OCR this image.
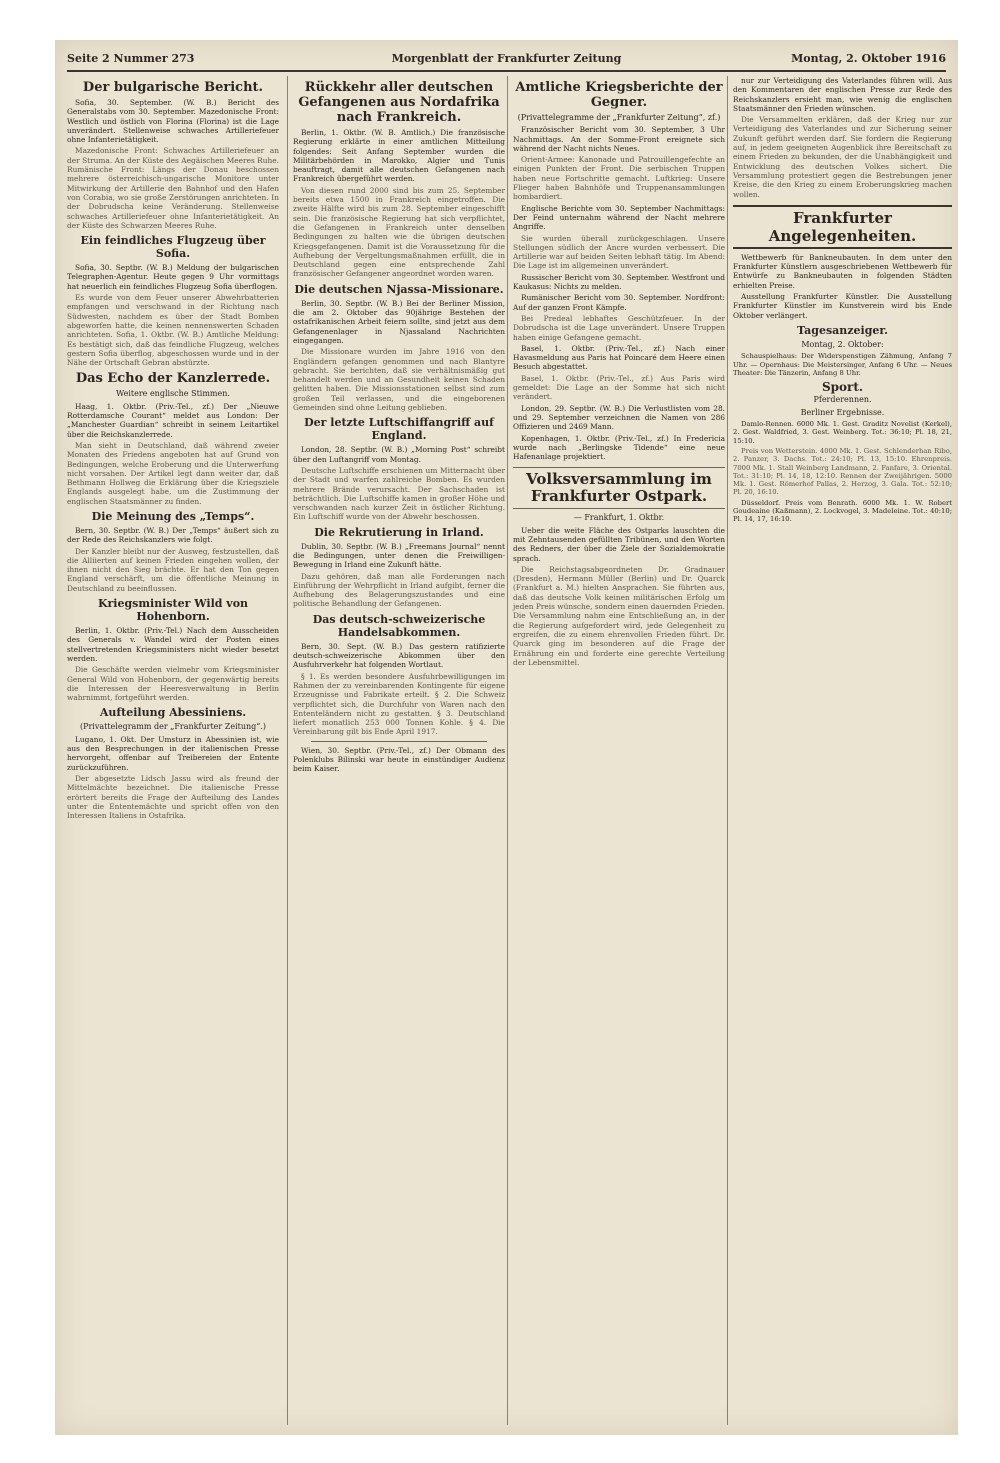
Seite 2 Nummer 273	Morgenblatt der Frankfurter Zeitung	Montag, 2. Oktober 1916
Der bulgarische Bericht.

Sofia, 30. September. (W. B.) Bericht des Generalstabs vom 30. September. Mazedonische Front: Westlich und östlich von Florina (Florina) ist die Lage unverändert. Stellenweise schwaches Artilleriefeuer ohne Infanterietätigkeit.

Mazedonische Front: Schwaches Artilleriefeuer an der Struma. An der Küste des Aegäischen Meeres Ruhe. Rumänische Front: Längs der Donau beschossen mehrere österreichisch-ungarische Monitore unter Mitwirkung der Artillerie den Bahnhof und den Hafen von Corabia, wo sie große Zerstörungen anrichteten. In der Dobrudscha keine Veränderung. Stellenweise schwaches Artilleriefeuer ohne Infanterietätigkeit. An der Küste des Schwarzen Meeres Ruhe.

Ein feindliches Flugzeug über Sofia.

Sofia, 30. Septbr. (W. B.) Meldung der bulgarischen Telegraphen-Agentur. Heute gegen 9 Uhr vormittags hat neuerlich ein feindliches Flugzeug Sofia überflogen.

Es wurde von dem Feuer unserer Abwehrbatterien empfangen und verschwand in der Richtung nach Südwesten, nachdem es über der Stadt Bomben abgeworfen hatte, die keinen nennenswerten Schaden anrichteten. Sofia, 1. Oktbr. (W. B.) Amtliche Meldung: Es bestätigt sich, daß das feindliche Flugzeug, welches gestern Sofia überflog, abgeschossen wurde und in der Nähe der Ortschaft Gebran abstürzte.

Das Echo der Kanzlerrede.
Weitere englische Stimmen.

Haag, 1. Oktbr. (Priv.-Tel., zf.) Der „Nieuwe Rotterdamsche Courant“ meldet aus London: Der „Manchester Guardian“ schreibt in seinem Leitartikel über die Reichskanzlerrede.

Man sieht in Deutschland, daß während zweier Monaten des Friedens angeboten hat auf Grund von Bedingungen, welche Eroberung und die Unterwerfung nicht vorsahen. Der Artikel legt dann weiter dar, daß Bethmann Hollweg die Erklärung über die Kriegsziele Englands ausgelegt habe, um die Zustimmung der englischen Staatsmänner zu finden.

Die Meinung des „Temps“.

Bern, 30. Septbr. (W. B.) Der „Temps“ äußert sich zu der Rede des Reichskanzlers wie folgt.

Der Kanzler bleibt nur der Ausweg, festzustellen, daß die Alliierten auf keinen Frieden eingehen wollen, der ihnen nicht den Sieg brächte. Er hat den Ton gegen England verschärft, um die öffentliche Meinung in Deutschland zu beeinflussen.

Kriegsminister Wild von Hohenborn.

Berlin, 1. Oktbr. (Priv.-Tel.) Nach dem Ausscheiden des Generals v. Wandel wird der Posten eines stellvertretenden Kriegsministers nicht wieder besetzt werden.

Die Geschäfte werden vielmehr vom Kriegsminister General Wild von Hohenborn, der gegenwärtig bereits die Interessen der Heeresverwaltung in Berlin wahrnimmt, fortgeführt werden.

Aufteilung Abessiniens.
(Privattelegramm der „Frankfurter Zeitung“.)

Lugano, 1. Okt. Der Umsturz in Abessinien ist, wie aus den Besprechungen in der italienischen Presse hervorgeht, offenbar auf Treibereien der Entente zurückzuführen.

Der abgesetzte Lidsch Jassu wird als freund der Mittelmächte bezeichnet. Die italienische Presse erörtert bereits die Frage der Aufteilung des Landes unter die Ententemächte und spricht offen von den Interessen Italiens in Ostafrika.

Rückkehr aller deutschen Gefangenen aus Nordafrika nach Frankreich.

Berlin, 1. Oktbr. (W. B. Amtlich.) Die französische Regierung erklärte in einer amtlichen Mitteilung folgendes: Seit Anfang September wurden die Militärbehörden in Marokko, Algier und Tunis beauftragt, damit alle deutschen Gefangenen nach Frankreich übergeführt werden.

Von diesen rund 2000 sind bis zum 25. September bereits etwa 1500 in Frankreich eingetroffen. Die zweite Hälfte wird bis zum 28. September eingeschifft sein. Die französische Regierung hat sich verpflichtet, die Gefangenen in Frankreich unter denselben Bedingungen zu halten wie die übrigen deutschen Kriegsgefangenen. Damit ist die Voraussetzung für die Aufhebung der Vergeltungsmaßnahmen erfüllt, die in Deutschland gegen eine entsprechende Zahl französischer Gefangener angeordnet worden waren.

Die deutschen Njassa-Missionare.

Berlin, 30. Septbr. (W. B.) Bei der Berliner Mission, die am 2. Oktober das 90jährige Bestehen der ostafrikanischen Arbeit feiern sollte, sind jetzt aus dem Gefangenenlager in Njassaland Nachrichten eingegangen.

Die Missionare wurden im Jahre 1916 von den Engländern gefangen genommen und nach Blantyre gebracht. Sie berichten, daß sie verhältnismäßig gut behandelt werden und an Gesundheit keinen Schaden gelitten haben. Die Missionsstationen selbst sind zum großen Teil verlassen, und die eingeborenen Gemeinden sind ohne Leitung geblieben.

Der letzte Luftschiffangriff auf England.

London, 28. Septbr. (W. B.) „Morning Post“ schreibt über den Luftangriff vom Montag.

Deutsche Luftschiffe erschienen um Mitternacht über der Stadt und warfen zahlreiche Bomben. Es wurden mehrere Brände verursacht. Der Sachschaden ist beträchtlich. Die Luftschiffe kamen in großer Höhe und verschwanden nach kurzer Zeit in östlicher Richtung. Ein Luftschiff wurde von der Abwehr beschossen.

Die Rekrutierung in Irland.

Dublin, 30. Septbr. (W. B.) „Freemans Journal“ nennt die Bedingungen, unter denen die Freiwilligen-Bewegung in Irland eine Zukunft hätte.

Dazu gehören, daß man alle Forderungen nach Einführung der Wehrpflicht in Irland aufgibt, ferner die Aufhebung des Belagerungszustandes und eine politische Behandlung der Gefangenen.

Das deutsch-schweizerische Handelsabkommen.

Bern, 30. Sept. (W. B.) Das gestern ratifizierte deutsch-schweizerische Abkommen über den Ausfuhrverkehr hat folgenden Wortlaut.

§ 1. Es werden besondere Ausfuhrbewilligungen im Rahmen der zu vereinbarenden Kontingente für eigene Erzeugnisse und Fabrikate erteilt. § 2. Die Schweiz verpflichtet sich, die Durchfuhr von Waren nach den Ententeländern nicht zu gestatten. § 3. Deutschland liefert monatlich 253 000 Tonnen Kohle. § 4. Die Vereinbarung gilt bis Ende April 1917.

Wien, 30. Septbr. (Priv.-Tel., zf.) Der Obmann des Polenklubs Bilinski war heute in einstündiger Audienz beim Kaiser.

Amtliche Kriegsberichte der Gegner.
(Privattelegramme der „Frankfurter Zeitung“, zf.)

Französischer Bericht vom 30. September, 3 Uhr Nachmittags. An der Somme-Front ereignete sich während der Nacht nichts Neues.

Orient-Armee: Kanonade und Patrouillengefechte an einigen Punkten der Front. Die serbischen Truppen haben neue Fortschritte gemacht. Luftkrieg: Unsere Flieger haben Bahnhöfe und Truppenansammlungen bombardiert.

Englische Berichte vom 30. September Nachmittags: Der Feind unternahm während der Nacht mehrere Angriffe.

Sie wurden überall zurückgeschlagen. Unsere Stellungen südlich der Ancre wurden verbessert. Die Artillerie war auf beiden Seiten lebhaft tätig. Im Abend: Die Lage ist im allgemeinen unverändert.

Russischer Bericht vom 30. September. Westfront und Kaukasus: Nichts zu melden.

Rumänischer Bericht vom 30. September. Nordfront: Auf der ganzen Front Kämpfe.

Bei Predeal lebhaftes Geschützfeuer. In der Dobrudscha ist die Lage unverändert. Unsere Truppen haben einige Gefangene gemacht.

Basel, 1. Oktbr. (Priv.-Tel., zf.) Nach einer Havasmeldung aus Paris hat Poincaré dem Heere einen Besuch abgestattet.

Basel, 1. Oktbr. (Priv.-Tel., zf.) Aus Paris wird gemeldet: Die Lage an der Somme hat sich nicht verändert.

London, 29. Septbr. (W. B.) Die Verlustlisten vom 28. und 29. September verzeichnen die Namen von 286 Offizieren und 2469 Mann.

Kopenhagen, 1. Oktbr. (Priv.-Tel., zf.) In Fredericia wurde nach „Berlingske Tidende“ eine neue Hafenanlage projektiert.

Volksversammlung im Frankfurter Ostpark.
— Frankfurt, 1. Oktbr.

Ueber die weite Fläche des Ostparks lauschten die mit Zehntausenden gefüllten Tribünen, und den Worten des Redners, der über die Ziele der Sozialdemokratie sprach.

Die Reichstagsabgeordneten Dr. Gradnauer (Dresden), Hermann Müller (Berlin) und Dr. Quarck (Frankfurt a. M.) hielten Ansprachen. Sie führten aus, daß das deutsche Volk keinen militärischen Erfolg um jeden Preis wünsche, sondern einen dauernden Frieden. Die Versammlung nahm eine Entschließung an, in der die Regierung aufgefordert wird, jede Gelegenheit zu ergreifen, die zu einem ehrenvollen Frieden führt. Dr. Quarck ging im besonderen auf die Frage der Ernährung ein und forderte eine gerechte Verteilung der Lebensmittel.

nur zur Verteidigung des Vaterlandes führen will. Aus den Kommentaren der englischen Presse zur Rede des Reichskanzlers ersieht man, wie wenig die englischen Staatsmänner den Frieden wünschen.

Die Versammelten erklären, daß der Krieg nur zur Verteidigung des Vaterlandes und zur Sicherung seiner Zukunft geführt werden darf. Sie fordern die Regierung auf, in jedem geeigneten Augenblick ihre Bereitschaft zu einem Frieden zu bekunden, der die Unabhängigkeit und Entwicklung des deutschen Volkes sichert. Die Versammlung protestiert gegen die Bestrebungen jener Kreise, die den Krieg zu einem Eroberungskrieg machen wollen.

Frankfurter Angelegenheiten.

Wettbewerb für Bankneubauten. In dem unter den Frankfurter Künstlern ausgeschriebenen Wettbewerb für Entwürfe zu Bankneubauten in folgenden Städten erhielten Preise.

Ausstellung Frankfurter Künstler. Die Ausstellung Frankfurter Künstler im Kunstverein wird bis Ende Oktober verlängert.

Tagesanzeiger.
Montag, 2. Oktober:

Schauspielhaus: Der Widerspenstigen Zähmung, Anfang 7 Uhr. — Opernhaus: Die Meistersinger, Anfang 6 Uhr. — Neues Theater: Die Tänzerin, Anfang 8 Uhr.

Sport.
Pferderennen.
Berliner Ergebnisse.

Damlo-Rennen. 6000 Mk. 1. Gest. Graditz Novelist (Kerkel), 2. Gest. Waldfried, 3. Gest. Weinberg. Tot.: 36:10; Pl. 18, 21, 15:10.

Preis von Wetterstein. 4000 Mk. 1. Gest. Schlenderhan Ribo, 2. Panzer, 3. Dachs. Tot.: 24:10; Pl. 13, 15:10. Ehrenpreis. 7000 Mk. 1. Stall Weinberg Landmann, 2. Fanfare, 3. Oriental. Tot.: 31:10; Pl. 14, 18, 12:10. Rennen der Zweijährigen. 5000 Mk. 1. Gest. Römerhof Pallas, 2. Herzog, 3. Gala. Tot.: 52:10; Pl. 20, 16:10.

Düsseldorf. Preis vom Benrath. 6000 Mk. 1. W. Robert Goudeaine (Kaßmann), 2. Lockvogel, 3. Madeleine. Tot.: 40:10; Pl. 14, 17, 16:10.
